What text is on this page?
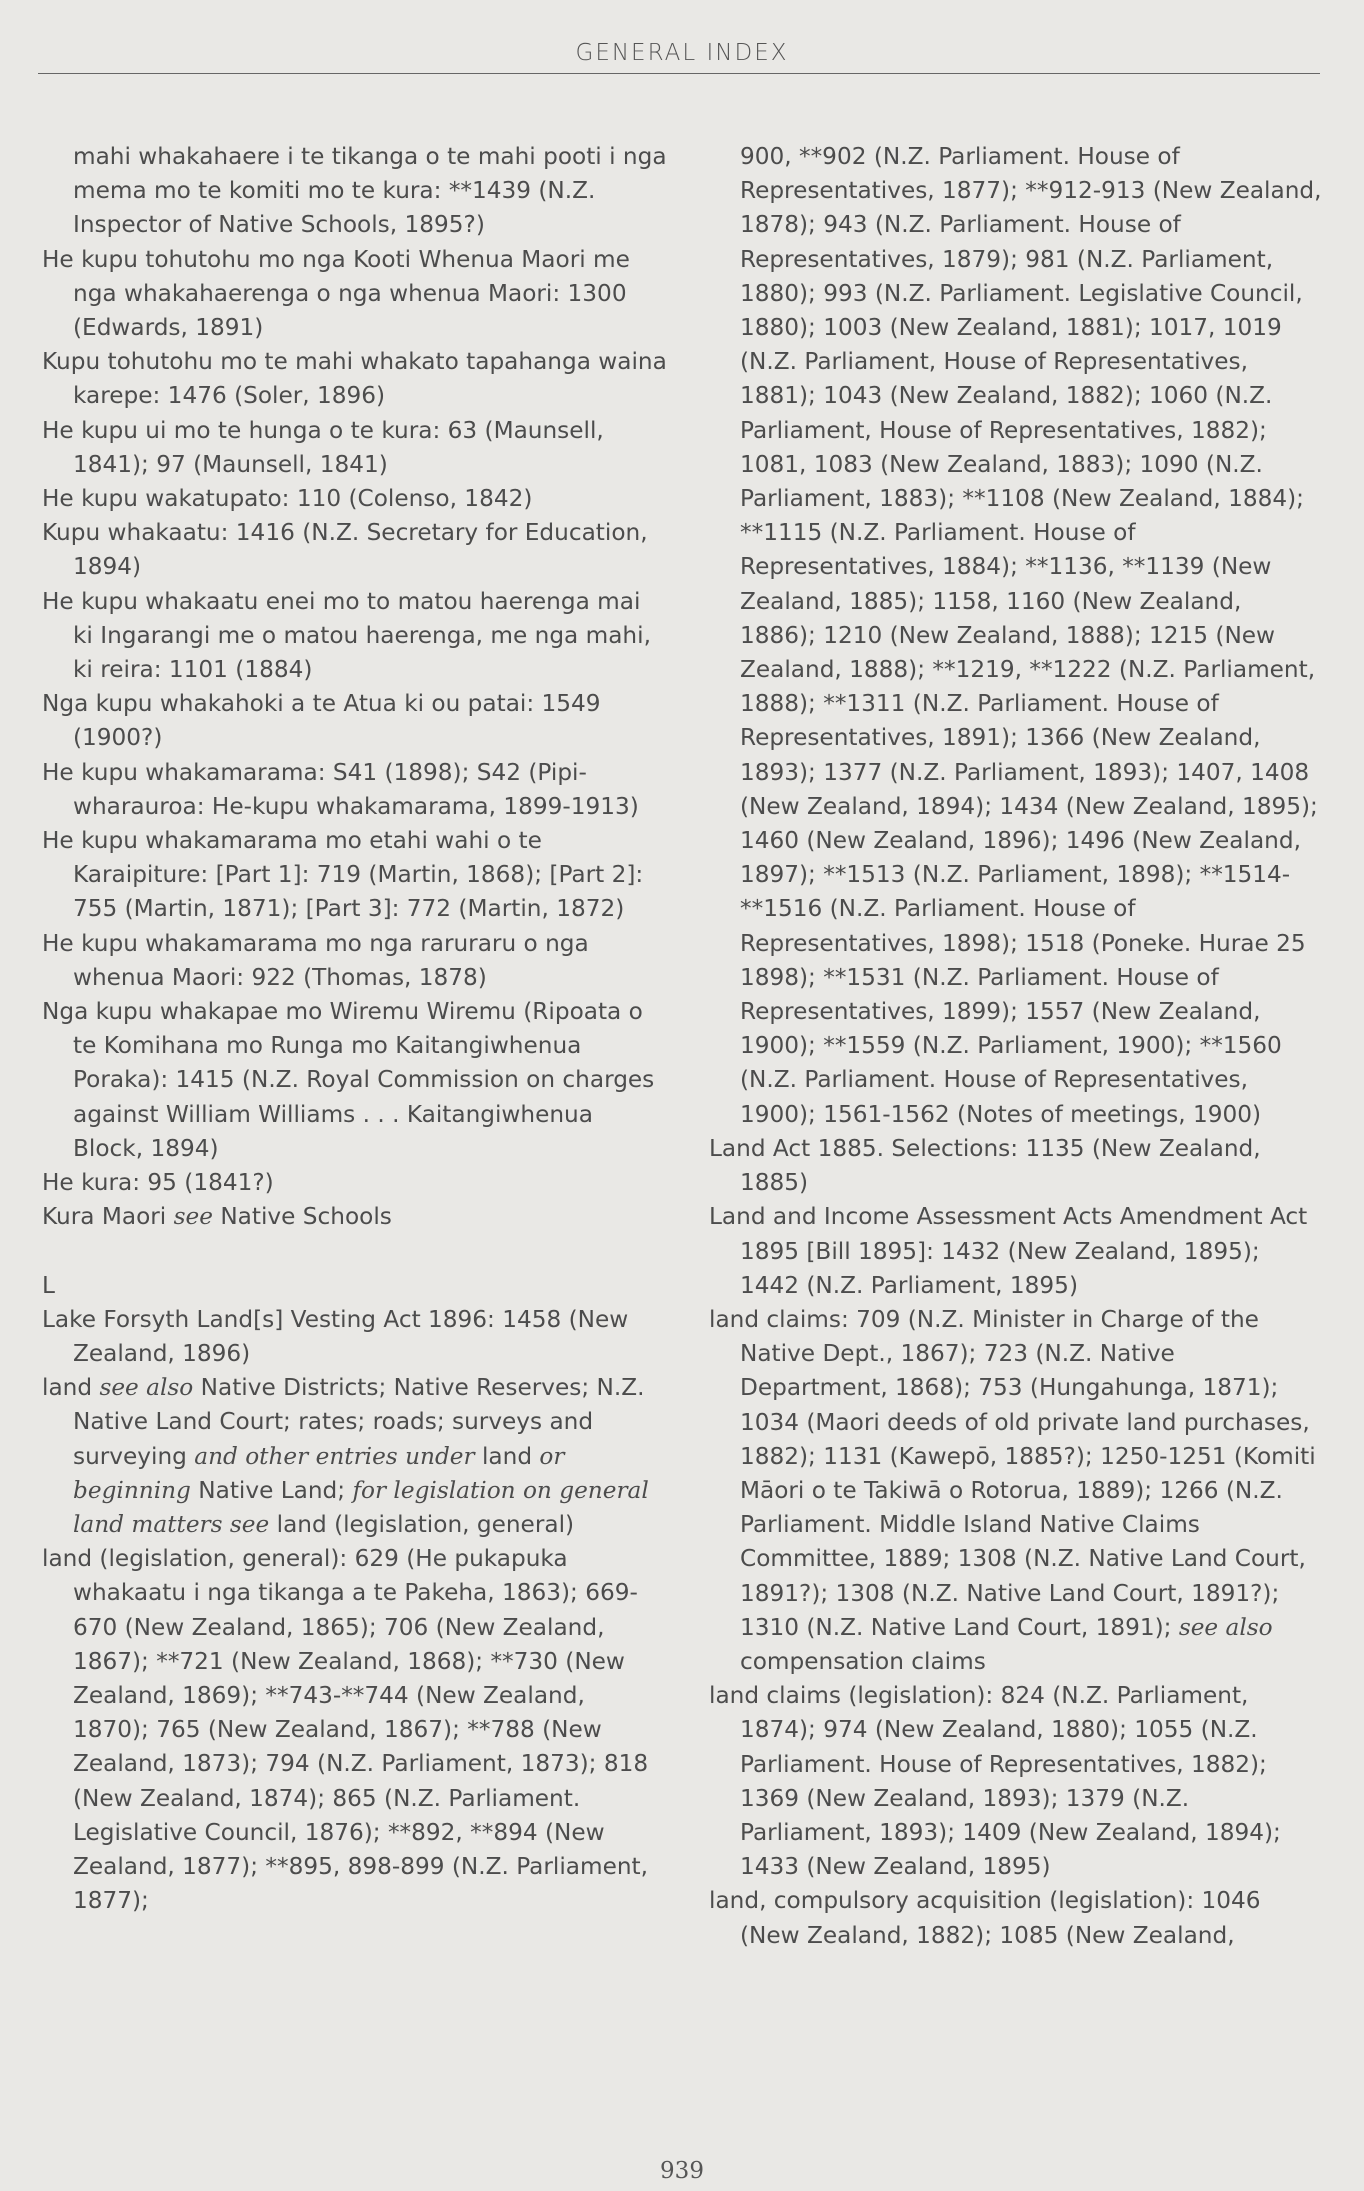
GENERAL INDEX

mahi whakahaere i te tikanga o te mahi pooti i nga mema mo te komiti mo te kura: **1439 (N.Z. Inspector of Native Schools, 1895?)

He kupu tohutohu mo nga Kooti Whenua Maori me nga whakahaerenga o nga whenua Maori: 1300 (Edwards, 1891)

Kupu tohutohu mo te mahi whakato tapahanga waina karepe: 1476 (Soler, 1896)

He kupu ui mo te hunga o te kura: 63 (Maunsell, 1841); 97 (Maunsell, 1841)

He kupu wakatupato: 110 (Colenso, 1842)

Kupu whakaatu: 1416 (N.Z. Secretary for Education, 1894)

He kupu whakaatu enei mo to matou haerenga mai ki Ingarangi me o matou haerenga, me nga mahi, ki reira: 1101 (1884)

Nga kupu whakahoki a te Atua ki ou patai: 1549 (1900?)

He kupu whakamarama: S41 (1898); S42 (Pipi-wharauroa: He-kupu whakamarama, 1899-1913)

He kupu whakamarama mo etahi wahi o te Karaipiture: [Part 1]: 719 (Martin, 1868); [Part 2]: 755 (Martin, 1871); [Part 3]: 772 (Martin, 1872)

He kupu whakamarama mo nga raruraru o nga whenua Maori: 922 (Thomas, 1878)

Nga kupu whakapae mo Wiremu Wiremu (Ripoata o te Komihana mo Runga mo Kaitangiwhenua Poraka): 1415 (N.Z. Royal Commission on charges against William Williams . . . Kaitangiwhenua Block, 1894)

He kura: 95 (1841?)

Kura Maori see Native Schools

L

Lake Forsyth Land[s] Vesting Act 1896: 1458 (New Zealand, 1896)

land see also Native Districts; Native Reserves; N.Z. Native Land Court; rates; roads; surveys and surveying and other entries under land or beginning Native Land; for legislation on general land matters see land (legislation, general)

land (legislation, general): 629 (He pukapuka whakaatu i nga tikanga a te Pakeha, 1863); 669-670 (New Zealand, 1865); 706 (New Zealand, 1867); **721 (New Zealand, 1868); **730 (New Zealand, 1869); **743-**744 (New Zealand, 1870); 765 (New Zealand, 1867); **788 (New Zealand, 1873); 794 (N.Z. Parliament, 1873); 818 (New Zealand, 1874); 865 (N.Z. Parliament. Legislative Council, 1876); **892, **894 (New Zealand, 1877); **895, 898-899 (N.Z. Parliament, 1877);

900, **902 (N.Z. Parliament. House of Representatives, 1877); **912-913 (New Zealand, 1878); 943 (N.Z. Parliament. House of Representatives, 1879); 981 (N.Z. Parliament, 1880); 993 (N.Z. Parliament. Legislative Council, 1880); 1003 (New Zealand, 1881); 1017, 1019 (N.Z. Parliament, House of Representatives, 1881); 1043 (New Zealand, 1882); 1060 (N.Z. Parliament, House of Representatives, 1882); 1081, 1083 (New Zealand, 1883); 1090 (N.Z. Parliament, 1883); **1108 (New Zealand, 1884); **1115 (N.Z. Parliament. House of Representatives, 1884); **1136, **1139 (New Zealand, 1885); 1158, 1160 (New Zealand, 1886); 1210 (New Zealand, 1888); 1215 (New Zealand, 1888); **1219, **1222 (N.Z. Parliament, 1888); **1311 (N.Z. Parliament. House of Representatives, 1891); 1366 (New Zealand, 1893); 1377 (N.Z. Parliament, 1893); 1407, 1408 (New Zealand, 1894); 1434 (New Zealand, 1895); 1460 (New Zealand, 1896); 1496 (New Zealand, 1897); **1513 (N.Z. Parliament, 1898); **1514-**1516 (N.Z. Parliament. House of Representatives, 1898); 1518 (Poneke. Hurae 25 1898); **1531 (N.Z. Parliament. House of Representatives, 1899); 1557 (New Zealand, 1900); **1559 (N.Z. Parliament, 1900); **1560 (N.Z. Parliament. House of Representatives, 1900); 1561-1562 (Notes of meetings, 1900)

Land Act 1885. Selections: 1135 (New Zealand, 1885)

Land and Income Assessment Acts Amendment Act 1895 [Bill 1895]: 1432 (New Zealand, 1895); 1442 (N.Z. Parliament, 1895)

land claims: 709 (N.Z. Minister in Charge of the Native Dept., 1867); 723 (N.Z. Native Department, 1868); 753 (Hungahunga, 1871); 1034 (Maori deeds of old private land purchases, 1882); 1131 (Kawepō, 1885?); 1250-1251 (Komiti Māori o te Takiwā o Rotorua, 1889); 1266 (N.Z. Parliament. Middle Island Native Claims Committee, 1889; 1308 (N.Z. Native Land Court, 1891?); 1308 (N.Z. Native Land Court, 1891?); 1310 (N.Z. Native Land Court, 1891); see also compensation claims

land claims (legislation): 824 (N.Z. Parliament, 1874); 974 (New Zealand, 1880); 1055 (N.Z. Parliament. House of Representatives, 1882); 1369 (New Zealand, 1893); 1379 (N.Z. Parliament, 1893); 1409 (New Zealand, 1894); 1433 (New Zealand, 1895)

land, compulsory acquisition (legislation): 1046 (New Zealand, 1882); 1085 (New Zealand,

939
